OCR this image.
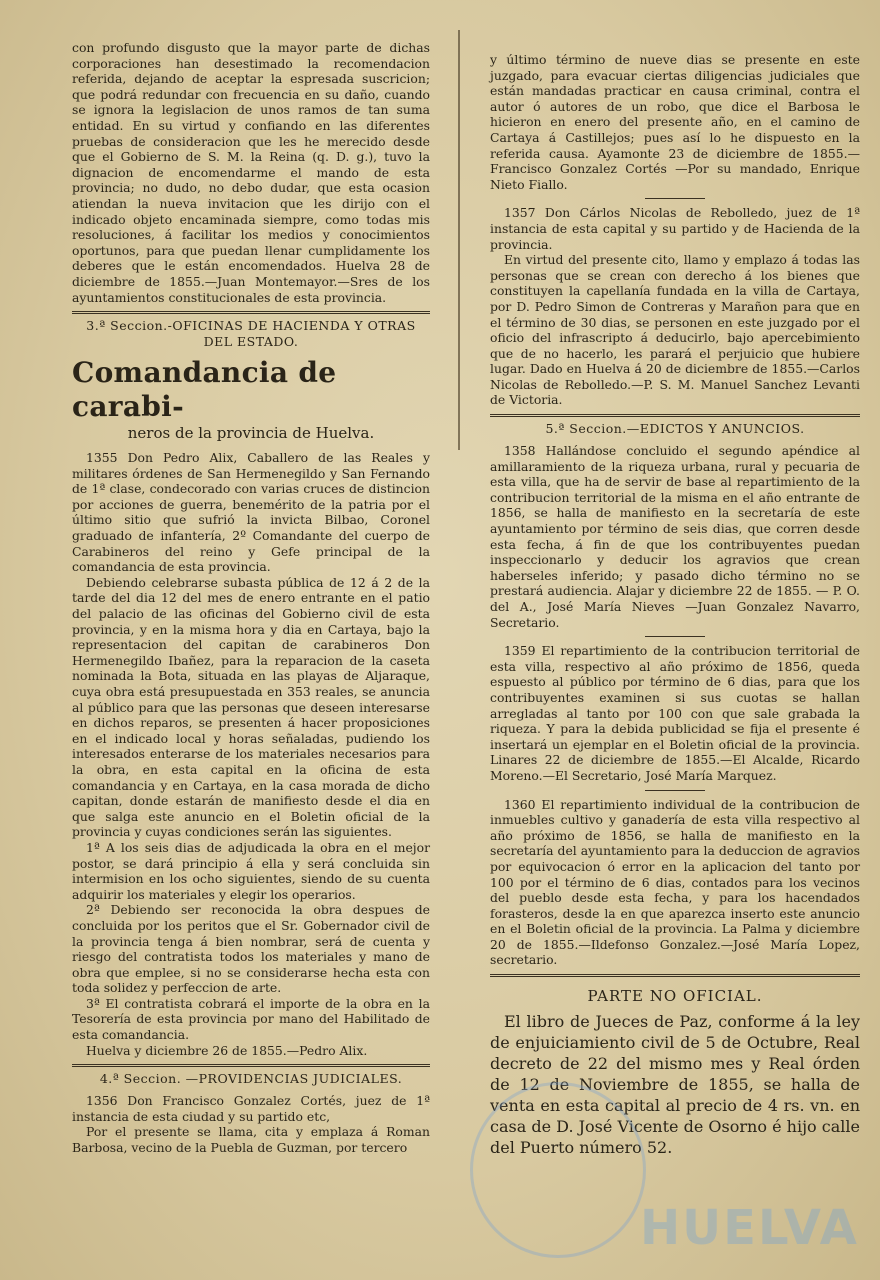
con profundo disgusto que la mayor parte de dichas corporaciones han desestimado la recomendacion referida, dejando de aceptar la espresada suscricion; que podrá redundar con frecuencia en su daño, cuando se ignora la legislacion de unos ramos de tan suma entidad. En su virtud y confiando en las diferentes pruebas de consideracion que les he merecido desde que el Gobierno de S. M. la Reina (q. D. g.), tuvo la dignacion de encomendarme el mando de esta provincia; no dudo, no debo dudar, que esta ocasion atiendan la nueva invitacion que les dirijo con el indicado objeto encaminada siempre, como todas mis resoluciones, á facilitar los medios y conocimientos oportunos, para que puedan llenar cumplidamente los deberes que le están encomendados. Huelva 28 de diciembre de 1855.—Juan Montemayor.—Sres de los ayuntamientos constitucionales de esta provincia.

3.ª Seccion.-OFICINAS DE HACIENDA Y OTRAS DEL ESTADO.
Comandancia de carabi-
neros de la provincia de Huelva.

1355 Don Pedro Alix, Caballero de las Reales y militares órdenes de San Hermenegildo y San Fernando de 1ª clase, condecorado con varias cruces de distincion por acciones de guerra, benemérito de la patria por el último sitio que sufrió la invicta Bilbao, Coronel graduado de infantería, 2º Comandante del cuerpo de Carabineros del reino y Gefe principal de la comandancia de esta provincia.

Debiendo celebrarse subasta pública de 12 á 2 de la tarde del dia 12 del mes de enero entrante en el patio del palacio de las oficinas del Gobierno civil de esta provincia, y en la misma hora y dia en Cartaya, bajo la representacion del capitan de carabineros Don Hermenegildo Ibañez, para la reparacion de la caseta nominada la Bota, situada en las playas de Aljaraque, cuya obra está presupuestada en 353 reales, se anuncia al público para que las personas que deseen interesarse en dichos reparos, se presenten á hacer proposiciones en el indicado local y horas señaladas, pudiendo los interesados enterarse de los materiales necesarios para la obra, en esta capital en la oficina de esta comandancia y en Cartaya, en la casa morada de dicho capitan, donde estarán de manifiesto desde el dia en que salga este anuncio en el Boletin oficial de la provincia y cuyas condiciones serán las siguientes.

1ª A los seis dias de adjudicada la obra en el mejor postor, se dará principio á ella y será concluida sin intermision en los ocho siguientes, siendo de su cuenta adquirir los materiales y elegir los operarios.

2ª Debiendo ser reconocida la obra despues de concluida por los peritos que el Sr. Gobernador civil de la provincia tenga á bien nombrar, será de cuenta y riesgo del contratista todos los materiales y mano de obra que emplee, si no se considerarse hecha esta con toda solidez y perfeccion de arte.

3ª El contratista cobrará el importe de la obra en la Tesorería de esta provincia por mano del Habilitado de esta comandancia.

Huelva y diciembre 26 de 1855.—Pedro Alix.

4.ª Seccion. —PROVIDENCIAS JUDICIALES.

1356 Don Francisco Gonzalez Cortés, juez de 1ª instancia de esta ciudad y su partido etc,

Por el presente se llama, cita y emplaza á Roman Barbosa, vecino de la Puebla de Guzman, por tercero

y último término de nueve dias se presente en este juzgado, para evacuar ciertas diligencias judiciales que están mandadas practicar en causa criminal, contra el autor ó autores de un robo, que dice el Barbosa le hicieron en enero del presente año, en el camino de Cartaya á Castillejos; pues así lo he dispuesto en la referida causa. Ayamonte 23 de diciembre de 1855.—Francisco Gonzalez Cortés —Por su mandado, Enrique Nieto Fiallo.

1357 Don Cárlos Nicolas de Rebolledo, juez de 1ª instancia de esta capital y su partido y de Hacienda de la provincia.

En virtud del presente cito, llamo y emplazo á todas las personas que se crean con derecho á los bienes que constituyen la capellanía fundada en la villa de Cartaya, por D. Pedro Simon de Contreras y Marañon para que en el término de 30 dias, se personen en este juzgado por el oficio del infrascripto á deducirlo, bajo apercebimiento que de no hacerlo, les parará el perjuicio que hubiere lugar. Dado en Huelva á 20 de diciembre de 1855.—Carlos Nicolas de Rebolledo.—P. S. M. Manuel Sanchez Levanti de Victoria.

5.ª Seccion.—EDICTOS Y ANUNCIOS.

1358 Hallándose concluido el segundo apéndice al amillaramiento de la riqueza urbana, rural y pecuaria de esta villa, que ha de servir de base al repartimiento de la contribucion territorial de la misma en el año entrante de 1856, se halla de manifiesto en la secretaría de este ayuntamiento por término de seis dias, que corren desde esta fecha, á fin de que los contribuyentes puedan inspeccionarlo y deducir los agravios que crean haberseles inferido; y pasado dicho término no se prestará audiencia. Alajar y diciembre 22 de 1855. — P. O. del A., José María Nieves —Juan Gonzalez Navarro, Secretario.

1359 El repartimiento de la contribucion territorial de esta villa, respectivo al año próximo de 1856, queda espuesto al público por término de 6 dias, para que los contribuyentes examinen si sus cuotas se hallan arregladas al tanto por 100 con que sale grabada la riqueza. Y para la debida publicidad se fija el presente é insertará un ejemplar en el Boletin oficial de la provincia. Linares 22 de diciembre de 1855.—El Alcalde, Ricardo Moreno.—El Secretario, José María Marquez.

1360 El repartimiento individual de la contribucion de inmuebles cultivo y ganadería de esta villa respectivo al año próximo de 1856, se halla de manifiesto en la secretaría del ayuntamiento para la deduccion de agravios por equivocacion ó error en la aplicacion del tanto por 100 por el término de 6 dias, contados para los vecinos del pueblo desde esta fecha, y para los hacendados forasteros, desde la en que aparezca inserto este anuncio en el Boletin oficial de la provincia. La Palma y diciembre 20 de 1855.—Ildefonso Gonzalez.—José María Lopez, secretario.

PARTE NO OFICIAL.

El libro de Jueces de Paz, conforme á la ley de enjuiciamiento civil de 5 de Octubre, Real decreto de 22 del mismo mes y Real órden de 12 de Noviembre de 1855, se halla de venta en esta capital al precio de 4 rs. vn. en casa de D. José Vicente de Osorno é hijo calle del Puerto número 52.

HUELVA
